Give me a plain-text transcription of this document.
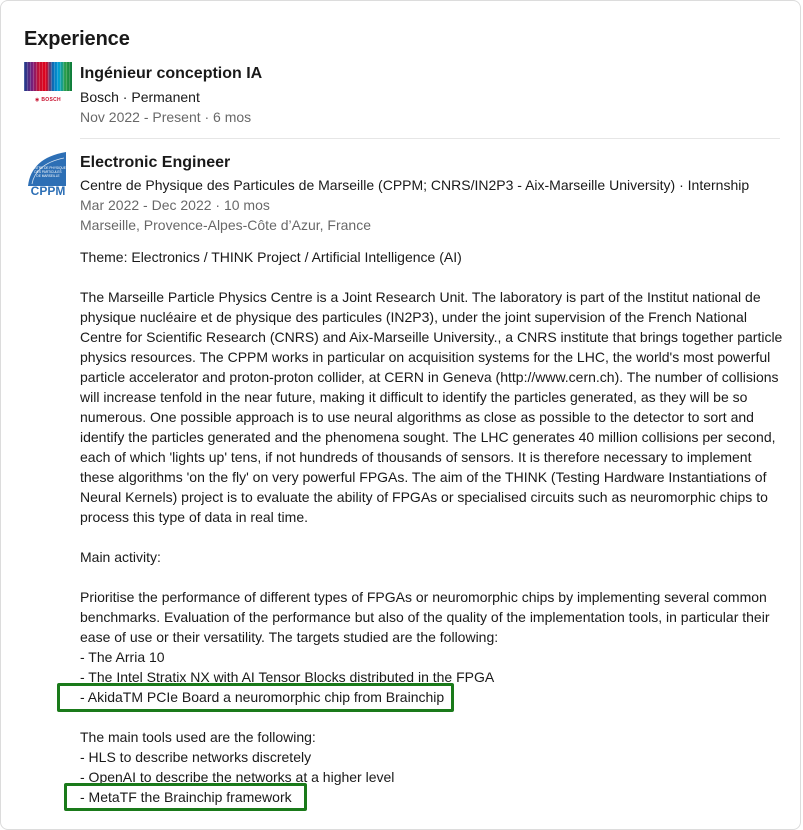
Experience
◉ BOSCH
Ingénieur conception IA
Bosch · Permanent
Nov 2022 - Present · 6 mos
CENTRE DE PHYSIQUE
DES PARTICULES
DE MARSEILLE
CPPM
Electronic Engineer
Centre de Physique des Particules de Marseille (CPPM; CNRS/IN2P3 - Aix-Marseille University) · Internship
Mar 2022 - Dec 2022 · 10 mos
Marseille, Provence-Alpes-Côte d’Azur, France
Theme: Electronics / THINK Project / Artificial Intelligence (AI)
The Marseille Particle Physics Centre is a Joint Research Unit. The laboratory is part of the Institut national de
physique nucléaire et de physique des particules (IN2P3), under the joint supervision of the French National
Centre for Scientific Research (CNRS) and Aix-Marseille University., a CNRS institute that brings together particle
physics resources. The CPPM works in particular on acquisition systems for the LHC, the world's most powerful
particle accelerator and proton-proton collider, at CERN in Geneva (http://www.cern.ch). The number of collisions
will increase tenfold in the near future, making it difficult to identify the particles generated, as they will be so
numerous. One possible approach is to use neural algorithms as close as possible to the detector to sort and
identify the particles generated and the phenomena sought. The LHC generates 40 million collisions per second,
each of which 'lights up' tens, if not hundreds of thousands of sensors. It is therefore necessary to implement
these algorithms 'on the fly' on very powerful FPGAs. The aim of the THINK (Testing Hardware Instantiations of
Neural Kernels) project is to evaluate the ability of FPGAs or specialised circuits such as neuromorphic chips to
process this type of data in real time.
Main activity:
Prioritise the performance of different types of FPGAs or neuromorphic chips by implementing several common
benchmarks. Evaluation of the performance but also of the quality of the implementation tools, in particular their
ease of use or their versatility. The targets studied are the following:
- The Arria 10
- The Intel Stratix NX with AI Tensor Blocks distributed in the FPGA
- AkidaTM PCIe Board a neuromorphic chip from Brainchip
The main tools used are the following:
- HLS to describe networks discretely
- OpenAI to describe the networks at a higher level
- MetaTF the Brainchip framework
